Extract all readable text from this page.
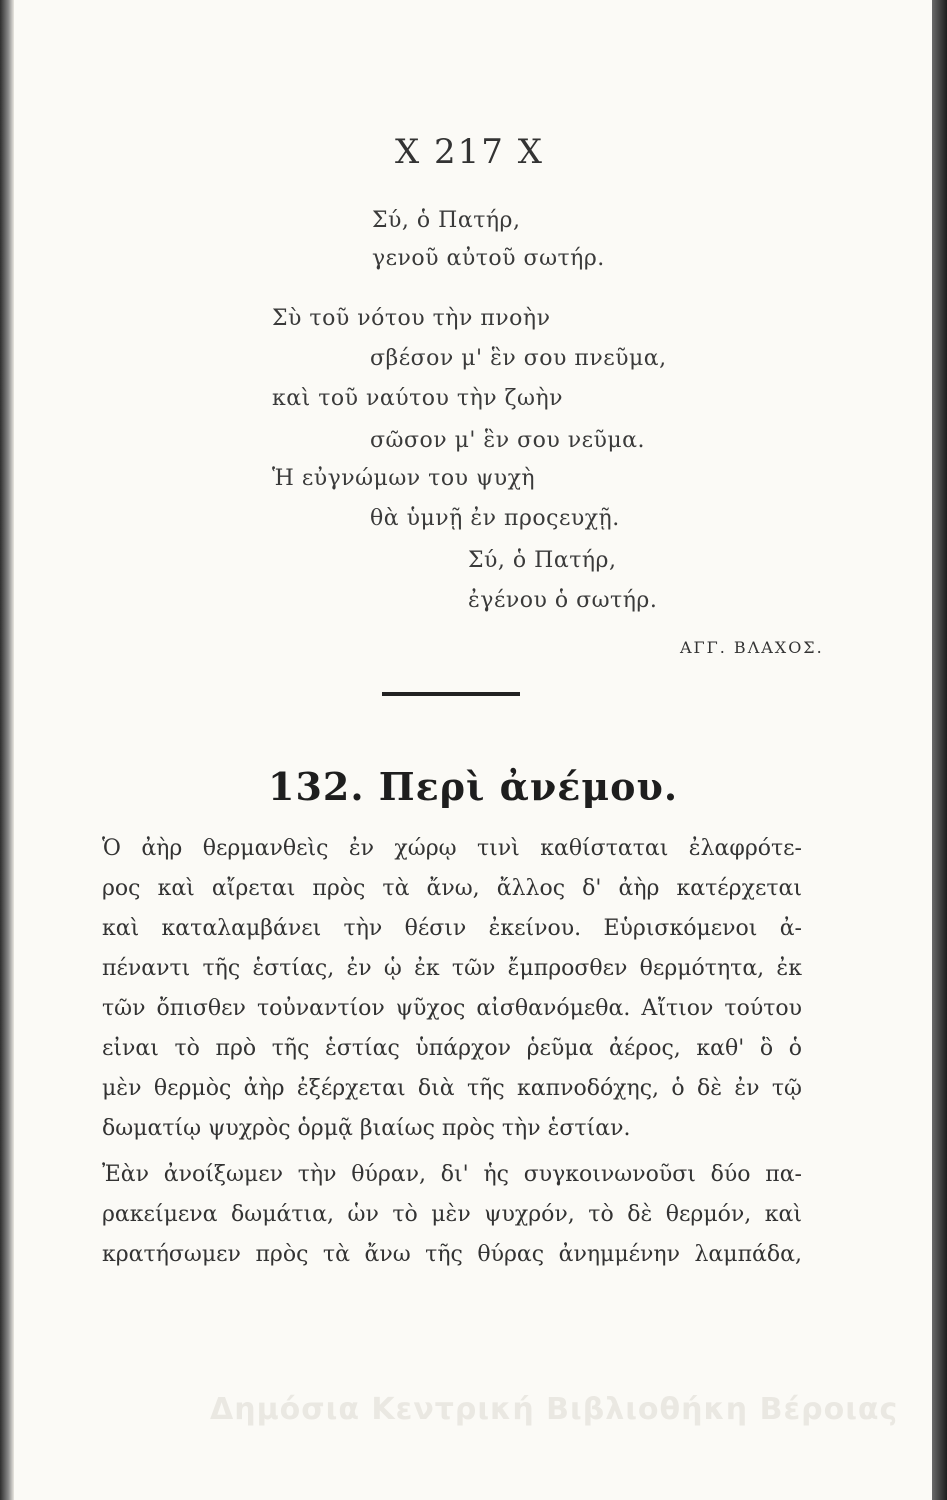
Χ 217 Χ
Σύ, ὁ Πατήρ,
γενοῦ αὐτοῦ σωτήρ.
Σὺ τοῦ νότου τὴν πνοὴν
σβέσον μ' ἓν σου πνεῦμα,
καὶ τοῦ ναύτου τὴν ζωὴν
σῶσον μ' ἓν σου νεῦμα.
Ἡ εὐγνώμων του ψυχὴ
θὰ ὑμνῇ ἐν προςευχῇ.
Σύ, ὁ Πατήρ,
ἐγένου ὁ σωτήρ.
ΑΓΓ. ΒΛΑΧΟΣ.
132. Περὶ ἀνέμου.
Ὁ ἀὴρ θερμανθεὶς ἐν χώρῳ τινὶ καθίσταται ἐλαφρότε-
ρος καὶ αἴρεται πρὸς τὰ ἄνω, ἄλλος δ' ἀὴρ κατέρχεται
καὶ καταλαμβάνει τὴν θέσιν ἐκείνου. Εὑρισκόμενοι ἀ-
πέναντι τῆς ἑστίας, ἐν ᾧ ἐκ τῶν ἔμπροσθεν θερμότητα, ἐκ
τῶν ὄπισθεν τοὐναντίον ψῦχος αἰσθανόμεθα. Αἴτιον τούτου
εἶναι τὸ πρὸ τῆς ἑστίας ὑπάρχον ῥεῦμα ἀέρος, καθ' ὃ ὁ
μὲν θερμὸς ἀὴρ ἐξέρχεται διὰ τῆς καπνοδόχης, ὁ δὲ ἐν τῷ
δωματίῳ ψυχρὸς ὁρμᾷ βιαίως πρὸς τὴν ἑστίαν.
Ἐὰν ἀνοίξωμεν τὴν θύραν, δι' ἧς συγκοινωνοῦσι δύο πα-
ρακείμενα δωμάτια, ὧν τὸ μὲν ψυχρόν, τὸ δὲ θερμόν, καὶ
κρατήσωμεν πρὸς τὰ ἄνω τῆς θύρας ἀνημμένην λαμπάδα,
Δημόσια Κεντρική Βιβλιοθήκη Βέροιας
